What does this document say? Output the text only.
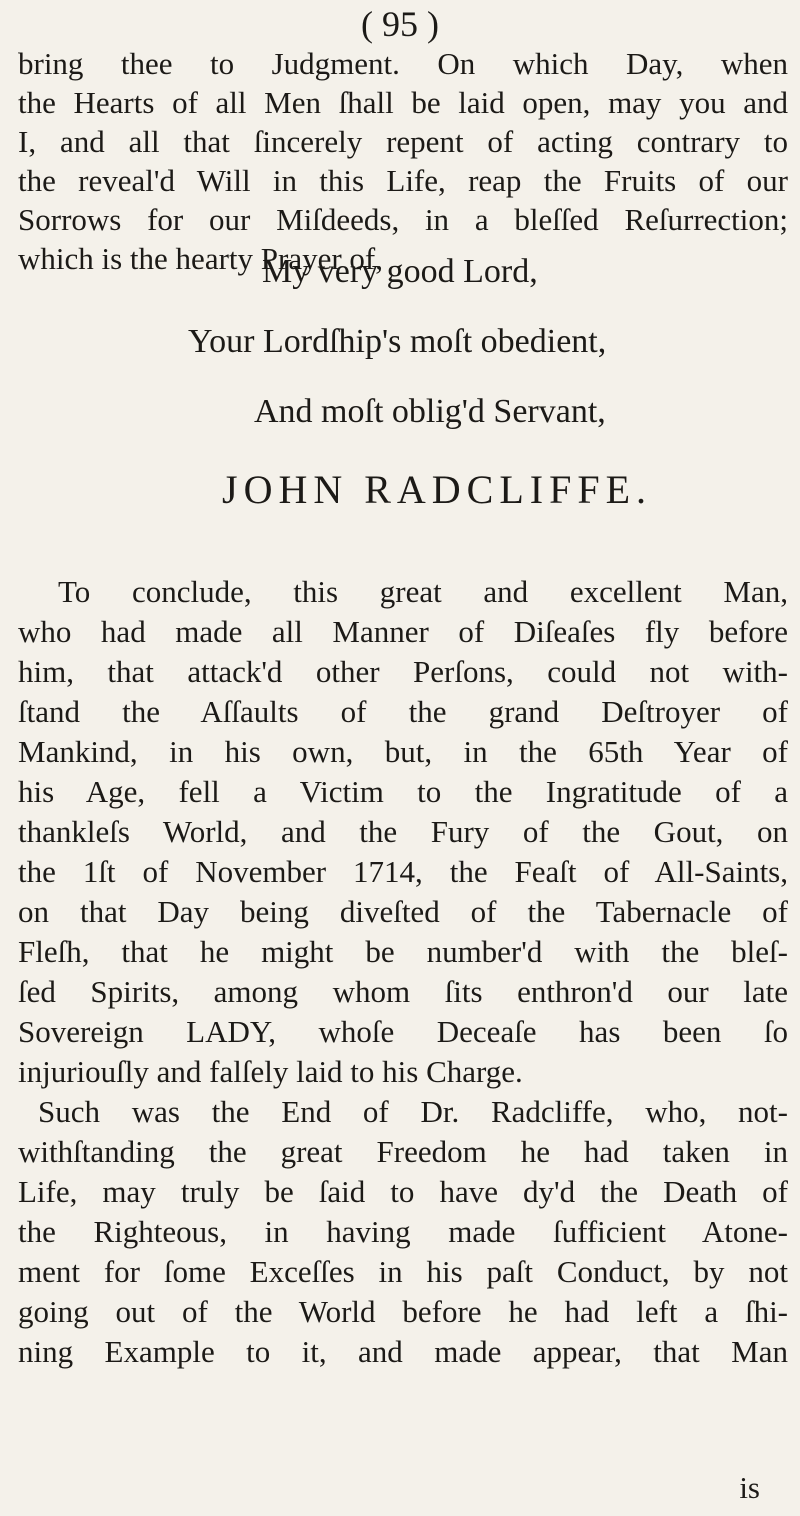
( 95 )
bring thee to Judgment. On which Day, when
the Hearts of all Men ſhall be laid open, may you and
I, and all that ſincerely repent of acting contrary to
the reveal'd Will in this Life, reap the Fruits of our
Sorrows for our Miſdeeds, in a bleſſed Reſurrection;
which is the hearty Prayer of,
My very good Lord,
Your Lordſhip's moſt obedient,
And moſt oblig'd Servant,
JOHN RADCLIFFE.
To conclude, this great and excellent Man,
who had made all Manner of Diſeaſes fly before
him, that attack'd other Perſons, could not with-
ſtand the Aſſaults of the grand Deſtroyer of
Mankind, in his own, but, in the 65th Year of
his Age, fell a Victim to the Ingratitude of a
thankleſs World, and the Fury of the Gout, on
the 1ſt of November 1714, the Feaſt of All-Saints,
on that Day being diveſted of the Tabernacle of
Fleſh, that he might be number'd with the bleſ-
ſed Spirits, among whom ſits enthron'd our late
Sovereign LADY, whoſe Deceaſe has been ſo
injuriouſly and falſely laid to his Charge.
Such was the End of Dr. Radcliffe, who, not-
withſtanding the great Freedom he had taken in
Life, may truly be ſaid to have dy'd the Death of
the Righteous, in having made ſufficient Atone-
ment for ſome Exceſſes in his paſt Conduct, by not
going out of the World before he had left a ſhi-
ning Example to it, and made appear, that Man
is
